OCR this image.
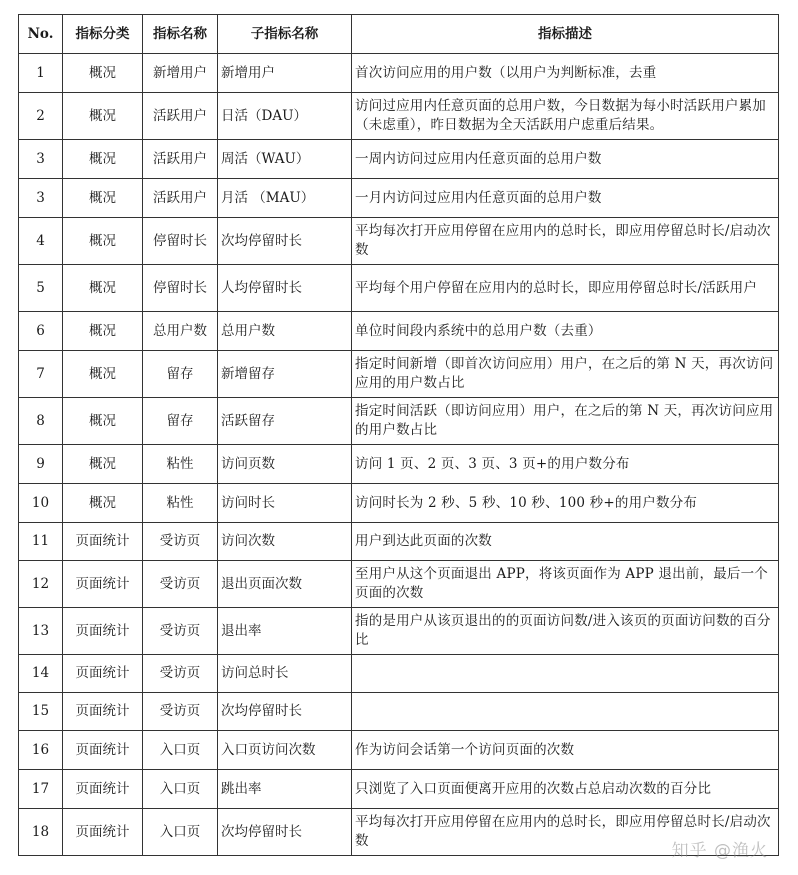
No.	指标分类	指标名称	子指标名称	指标描述
1	概况	新增用户	新增用户	首次访问应用的用户数（以用户为判断标准，去重
2	概况	活跃用户	日活（DAU）	访问过应用内任意页面的总用户数，今日数据为每小时活跃用户累加（未虑重），昨日数据为全天活跃用户虑重后结果。
3	概况	活跃用户	周活（WAU）	一周内访问过应用内任意页面的总用户数
3	概况	活跃用户	月活 （MAU）	一月内访问过应用内任意页面的总用户数
4	概况	停留时长	次均停留时长	平均每次打开应用停留在应用内的总时长，即应用停留总时长/启动次数
5	概况	停留时长	人均停留时长	平均每个用户停留在应用内的总时长，即应用停留总时长/活跃用户
6	概况	总用户数	总用户数	单位时间段内系统中的总用户数（去重）
7	概况	留存	新增留存	指定时间新增（即首次访问应用）用户，在之后的第 N 天，再次访问应用的用户数占比
8	概况	留存	活跃留存	指定时间活跃（即访问应用）用户，在之后的第 N 天，再次访问应用的用户数占比
9	概况	粘性	访问页数	访问 1 页、2 页、3 页、3 页+的用户数分布
10	概况	粘性	访问时长	访问时长为 2 秒、5 秒、10 秒、100 秒+的用户数分布
11	页面统计	受访页	访问次数	用户到达此页面的次数
12	页面统计	受访页	退出页面次数	至用户从这个页面退出 APP，将该页面作为 APP 退出前，最后一个页面的次数
13	页面统计	受访页	退出率	指的是用户从该页退出的的页面访问数/进入该页的页面访问数的百分比
14	页面统计	受访页	访问总时长	
15	页面统计	受访页	次均停留时长	
16	页面统计	入口页	入口页访问次数	作为访问会话第一个访问页面的次数
17	页面统计	入口页	跳出率	只浏览了入口页面便离开应用的次数占总启动次数的百分比
18	页面统计	入口页	次均停留时长	平均每次打开应用停留在应用内的总时长，即应用停留总时长/启动次数	知乎 @渔火
